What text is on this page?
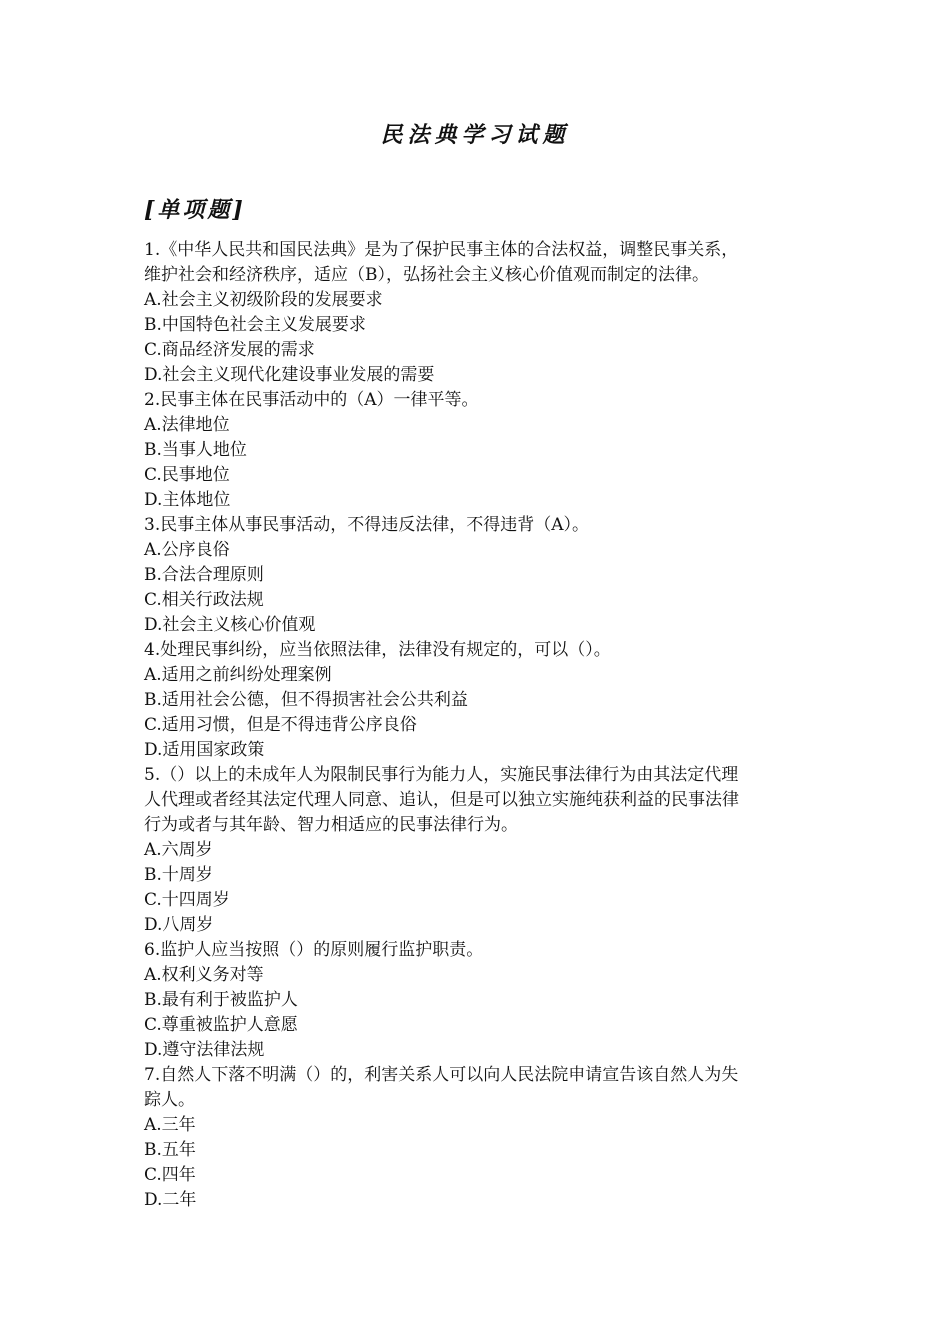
民法典学习试题
[单项题]
1.《中华人民共和国民法典》是为了保护民事主体的合法权益，调整民事关系，
维护社会和经济秩序，适应（B），弘扬社会主义核心价值观而制定的法律。
A.社会主义初级阶段的发展要求
B.中国特色社会主义发展要求
C.商品经济发展的需求
D.社会主义现代化建设事业发展的需要
2.民事主体在民事活动中的（A）一律平等。
A.法律地位
B.当事人地位
C.民事地位
D.主体地位
3.民事主体从事民事活动，不得违反法律，不得违背（A）。
A.公序良俗
B.合法合理原则
C.相关行政法规
D.社会主义核心价值观
4.处理民事纠纷，应当依照法律，法律没有规定的，可以（）。
A.适用之前纠纷处理案例
B.适用社会公德，但不得损害社会公共利益
C.适用习惯，但是不得违背公序良俗
D.适用国家政策
5.（）以上的未成年人为限制民事行为能力人，实施民事法律行为由其法定代理
人代理或者经其法定代理人同意、追认，但是可以独立实施纯获利益的民事法律
行为或者与其年龄、智力相适应的民事法律行为。
A.六周岁
B.十周岁
C.十四周岁
D.八周岁
6.监护人应当按照（）的原则履行监护职责。
A.权利义务对等
B.最有利于被监护人
C.尊重被监护人意愿
D.遵守法律法规
7.自然人下落不明满（）的，利害关系人可以向人民法院申请宣告该自然人为失
踪人。
A.三年
B.五年
C.四年
D.二年
